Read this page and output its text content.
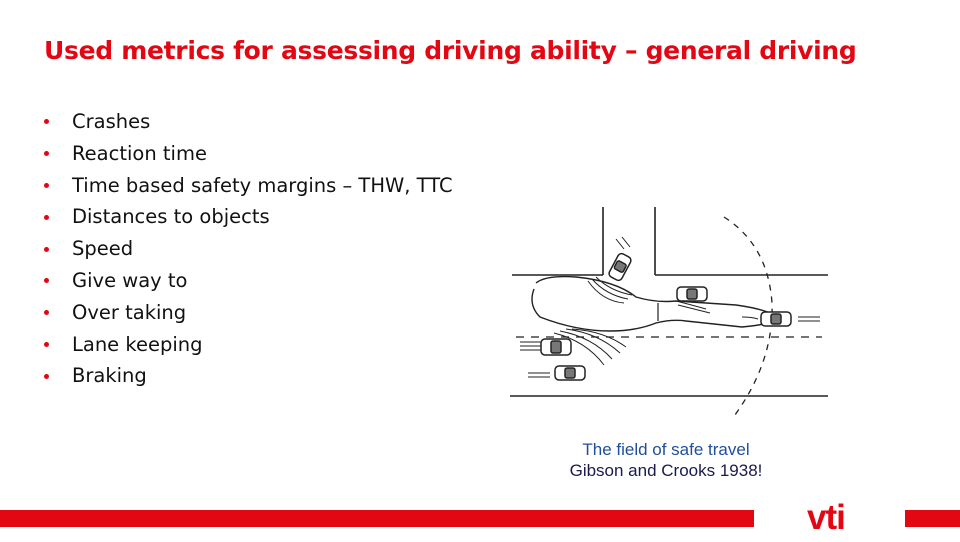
Used metrics for assessing driving ability – general driving
Crashes
Reaction time
Time based safety margins – THW, TTC
Distances to objects
Speed
Give way to
Over taking
Lane keeping
Braking
The field of safe travel
Gibson and Crooks 1938!
vti
